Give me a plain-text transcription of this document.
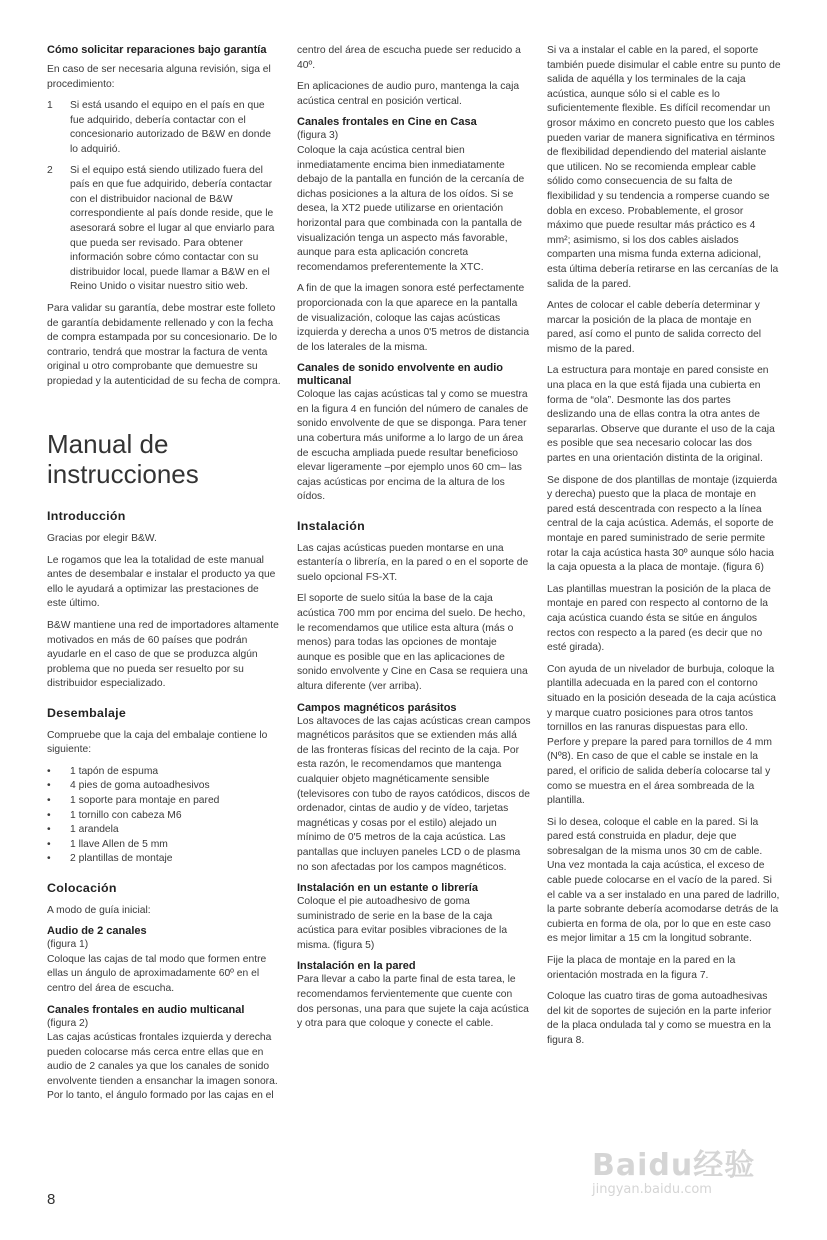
Cómo solicitar reparaciones bajo garantía

En caso de ser necesaria alguna revisión, siga el procedimiento:

1 Si está usando el equipo en el país en que fue adquirido, debería contactar con el concesionario autorizado de B&W en donde lo adquirió.
2 Si el equipo está siendo utilizado fuera del país en que fue adquirido, debería contactar con el distribuidor nacional de B&W correspondiente al país donde reside, que le asesorará sobre el lugar al que enviarlo para que pueda ser revisado. Para obtener información sobre cómo contactar con su distribuidor local, puede llamar a B&W en el Reino Unido o visitar nuestro sitio web.

Para validar su garantía, debe mostrar este folleto de garantía debidamente rellenado y con la fecha de compra estampada por su concesionario. De lo contrario, tendrá que mostrar la factura de venta original u otro comprobante que demuestre su propiedad y la autenticidad de su fecha de compra.

Manual de
instrucciones
Introducción

Gracias por elegir B&W.

Le rogamos que lea la totalidad de este manual antes de desembalar e instalar el producto ya que ello le ayudará a optimizar las prestaciones de este último.

B&W mantiene una red de importadores altamente motivados en más de 60 países que podrán ayudarle en el caso de que se produzca algún problema que no pueda ser resuelto por su distribuidor especializado.

Desembalaje

Compruebe que la caja del embalaje contiene lo siguiente:

• 1 tapón de espuma
• 4 pies de goma autoadhesivos
• 1 soporte para montaje en pared
• 1 tornillo con cabeza M6
• 1 arandela
• 1 llave Allen de 5 mm
• 2 plantillas de montaje
Colocación

A modo de guía inicial:

Audio de 2 canales

(figura 1)

Coloque las cajas de tal modo que formen entre ellas un ángulo de aproximadamente 60º en el centro del área de escucha.

Canales frontales en audio multicanal

(figura 2)

Las cajas acústicas frontales izquierda y derecha pueden colocarse más cerca entre ellas que en audio de 2 canales ya que los canales de sonido envolvente tienden a ensanchar la imagen sonora. Por lo tanto, el ángulo formado por las cajas en el

centro del área de escucha puede ser reducido a 40º.

En aplicaciones de audio puro, mantenga la caja acústica central en posición vertical.

Canales frontales en Cine en Casa

(figura 3)

Coloque la caja acústica central bien inmediatamente encima bien inmediatamente debajo de la pantalla en función de la cercanía de dichas posiciones a la altura de los oídos. Si se desea, la XT2 puede utilizarse en orientación horizontal para que combinada con la pantalla de visualización tenga un aspecto más favorable, aunque para esta aplicación concreta recomendamos preferentemente la XTC.

A fin de que la imagen sonora esté perfectamente proporcionada con la que aparece en la pantalla de visualización, coloque las cajas acústicas izquierda y derecha a unos 0'5 metros de distancia de los laterales de la misma.

Canales de sonido envolvente en audio multicanal

Coloque las cajas acústicas tal y como se muestra en la figura 4 en función del número de canales de sonido envolvente de que se disponga. Para tener una cobertura más uniforme a lo largo de un área de escucha ampliada puede resultar beneficioso elevar ligeramente –por ejemplo unos 60 cm– las cajas acústicas por encima de la altura de los oídos.

Instalación

Las cajas acústicas pueden montarse en una estantería o librería, en la pared o en el soporte de suelo opcional FS-XT.

El soporte de suelo sitúa la base de la caja acústica 700 mm por encima del suelo. De hecho, le recomendamos que utilice esta altura (más o menos) para todas las opciones de montaje aunque es posible que en las aplicaciones de sonido envolvente y Cine en Casa se requiera una altura diferente (ver arriba).

Campos magnéticos parásitos

Los altavoces de las cajas acústicas crean campos magnéticos parásitos que se extienden más allá de las fronteras físicas del recinto de la caja. Por esta razón, le recomendamos que mantenga cualquier objeto magnéticamente sensible (televisores con tubo de rayos catódicos, discos de ordenador, cintas de audio y de vídeo, tarjetas magnéticas y cosas por el estilo) alejado un mínimo de 0'5 metros de la caja acústica. Las pantallas que incluyen paneles LCD o de plasma no son afectadas por los campos magnéticos.

Instalación en un estante o librería

Coloque el pie autoadhesivo de goma suministrado de serie en la base de la caja acústica para evitar posibles vibraciones de la misma. (figura 5)

Instalación en la pared

Para llevar a cabo la parte final de esta tarea, le recomendamos fervientemente que cuente con dos personas, una para que sujete la caja acústica y otra para que coloque y conecte el cable.

Si va a instalar el cable en la pared, el soporte también puede disimular el cable entre su punto de salida de aquélla y los terminales de la caja acústica, aunque sólo si el cable es lo suficientemente flexible. Es difícil recomendar un grosor máximo en concreto puesto que los cables pueden variar de manera significativa en términos de flexibilidad dependiendo del material aislante que utilicen. No se recomienda emplear cable sólido como consecuencia de su falta de flexibilidad y su tendencia a romperse cuando se dobla en exceso. Probablemente, el grosor máximo que puede resultar más práctico es 4 mm²; asimismo, si los dos cables aislados comparten una misma funda externa adicional, esta última debería retirarse en las cercanías de la salida de la pared.

Antes de colocar el cable debería determinar y marcar la posición de la placa de montaje en pared, así como el punto de salida correcto del mismo de la pared.

La estructura para montaje en pared consiste en una placa en la que está fijada una cubierta en forma de “ola”. Desmonte las dos partes deslizando una de ellas contra la otra antes de separarlas. Observe que durante el uso de la caja es posible que sea necesario colocar las dos partes en una orientación distinta de la original.

Se dispone de dos plantillas de montaje (izquierda y derecha) puesto que la placa de montaje en pared está descentrada con respecto a la línea central de la caja acústica. Además, el soporte de montaje en pared suministrado de serie permite rotar la caja acústica hasta 30º aunque sólo hacia la caja opuesta a la placa de montaje. (figura 6)

Las plantillas muestran la posición de la placa de montaje en pared con respecto al contorno de la caja acústica cuando ésta se sitúe en ángulos rectos con respecto a la pared (es decir que no esté girada).

Con ayuda de un nivelador de burbuja, coloque la plantilla adecuada en la pared con el contorno situado en la posición deseada de la caja acústica y marque cuatro posiciones para otros tantos tornillos en las ranuras dispuestas para ello. Perfore y prepare la pared para tornillos de 4 mm (Nº8). En caso de que el cable se instale en la pared, el orificio de salida debería colocarse tal y como se muestra en el área sombreada de la plantilla.

Si lo desea, coloque el cable en la pared. Si la pared está construida en pladur, deje que sobresalgan de la misma unos 30 cm de cable. Una vez montada la caja acústica, el exceso de cable puede colocarse en el vacío de la pared. Si el cable va a ser instalado en una pared de ladrillo, la parte sobrante debería acomodarse detrás de la cubierta en forma de ola, por lo que en este caso es mejor limitar a 15 cm la longitud sobrante.

Fije la placa de montaje en la pared en la orientación mostrada en la figura 7.

Coloque las cuatro tiras de goma autoadhesivas del kit de soportes de sujeción en la parte inferior de la placa ondulada tal y como se muestra en la figura 8.

8
Baidu经验
jingyan.baidu.com
